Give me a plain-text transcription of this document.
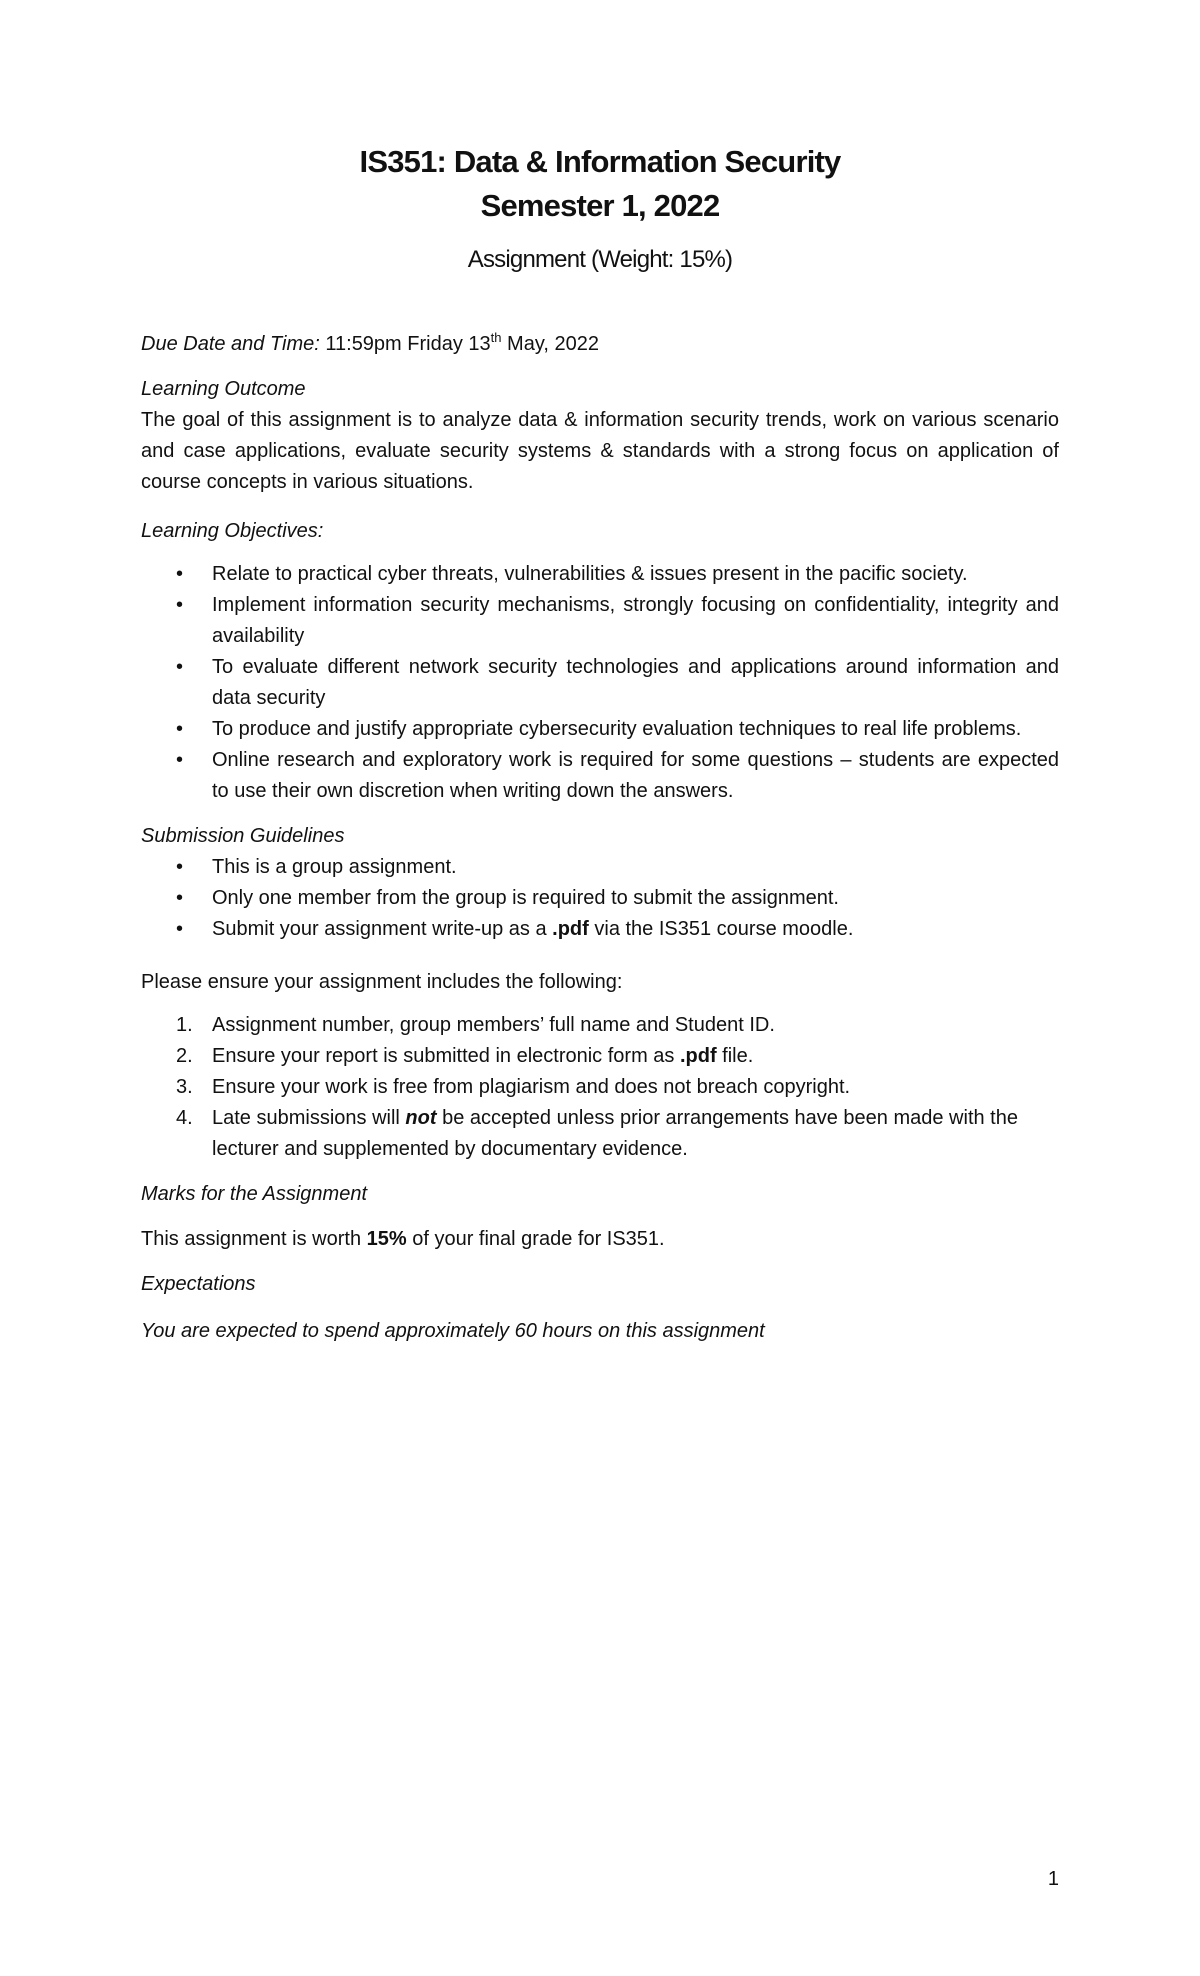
IS351: Data & Information Security

Semester 1, 2022

Assignment (Weight: 15%)

Due Date and Time: 11:59pm Friday 13th May, 2022

Learning Outcome

The goal of this assignment is to analyze data & information security trends, work on various scenario and case applications, evaluate security systems & standards with a strong focus on application of course concepts in various situations.

Learning Objectives:

• Relate to practical cyber threats, vulnerabilities & issues present in the pacific society.
• Implement information security mechanisms, strongly focusing on confidentiality, integrity and availability
• To evaluate different network security technologies and applications around information and data security
• To produce and justify appropriate cybersecurity evaluation techniques to real life problems.
• Online research and exploratory work is required for some questions – students are expected to use their own discretion when writing down the answers.

Submission Guidelines

• This is a group assignment.
• Only one member from the group is required to submit the assignment.
• Submit your assignment write-up as a .pdf via the IS351 course moodle.

Please ensure your assignment includes the following:

1. Assignment number, group members’ full name and Student ID.
2. Ensure your report is submitted in electronic form as .pdf file.
3. Ensure your work is free from plagiarism and does not breach copyright.
4. Late submissions will not be accepted unless prior arrangements have been made with the lecturer and supplemented by documentary evidence.

Marks for the Assignment

This assignment is worth 15% of your final grade for IS351.

Expectations

You are expected to spend approximately 60 hours on this assignment

1
